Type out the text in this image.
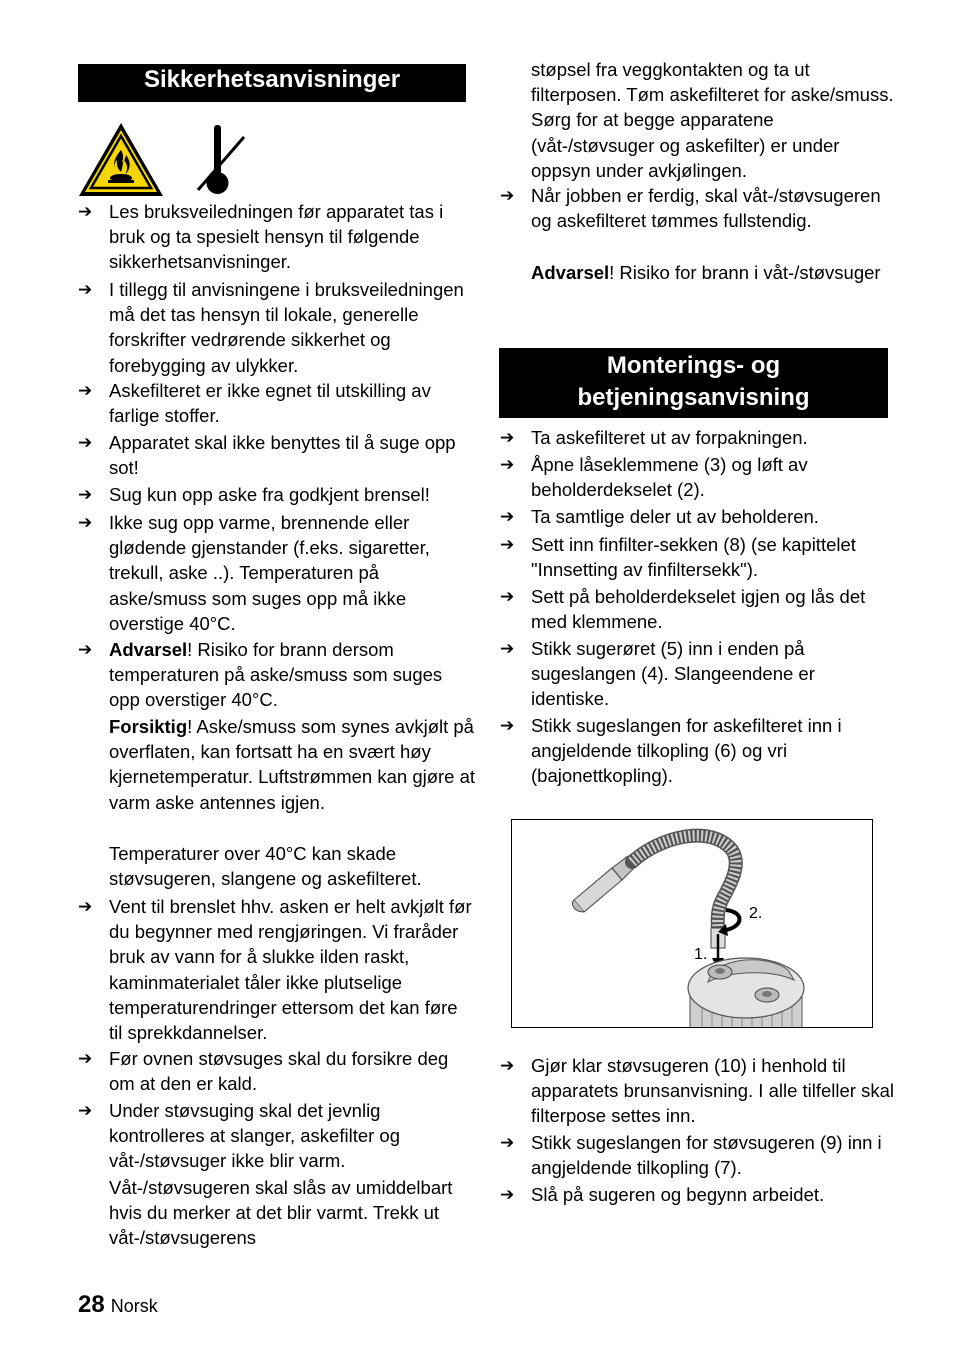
Sikkerhetsanvisninger
➔ Les bruksveiledningen før apparatet tas i bruk og ta spesielt hensyn til følgende sikkerhetsanvisninger.
➔ I tillegg til anvisningene i bruksveiledningen må det tas hensyn til lokale, generelle forskrifter vedrørende sikkerhet og forebygging av ulykker.
➔ Askefilteret er ikke egnet til utskilling av farlige stoffer.
➔ Apparatet skal ikke benyttes til å suge opp sot!
➔ Sug kun opp aske fra godkjent brensel!
➔ Ikke sug opp varme, brennende eller glødende gjenstander (f.eks. sigaretter, trekull, aske ..). Temperaturen på aske/smuss som suges opp må ikke overstige 40°C.
➔ Advarsel! Risiko for brann dersom temperaturen på aske/smuss som suges opp overstiger 40°C.
Forsiktig! Aske/smuss som synes avkjølt på overflaten, kan fortsatt ha en svært høy kjernetemperatur. Luftstrømmen kan gjøre at varm aske antennes igjen.
Temperaturer over 40°C kan skade støvsugeren, slangene og askefilteret.
➔ Vent til brenslet hhv. asken er helt avkjølt før du begynner med rengjøringen. Vi fraråder bruk av vann for å slukke ilden raskt, kaminmaterialet tåler ikke plutselige temperaturendringer ettersom det kan føre til sprekkdannelser.
➔ Før ovnen støvsuges skal du forsikre deg om at den er kald.
➔ Under støvsuging skal det jevnlig kontrolleres at slanger, askefilter og våt-/støvsuger ikke blir varm.
Våt-/støvsugeren skal slås av umiddelbart hvis du merker at det blir varmt. Trekk ut våt-/støvsugerens
støpsel fra veggkontakten og ta ut filterposen. Tøm askefilteret for aske/smuss. Sørg for at begge apparatene (våt-/støvsuger og askefilter) er under oppsyn under avkjølingen.
➔ Når jobben er ferdig, skal våt-/støvsugeren og askefilteret tømmes fullstendig.
Advarsel! Risiko for brann i våt-/støvsuger
Monterings- og
betjeningsanvisning
➔ Ta askefilteret ut av forpakningen.
➔ Åpne låseklemmene (3) og løft av beholderdekselet (2).
➔ Ta samtlige deler ut av beholderen.
➔ Sett inn finfilter-sekken (8) (se kapittelet "Innsetting av finfiltersekk").
➔ Sett på beholderdekselet igjen og lås det med klemmene.
➔ Stikk sugerøret (5) inn i enden på sugeslangen (4). Slangeendene er identiske.
➔ Stikk sugeslangen for askefilteret inn i angjeldende tilkopling (6) og vri (bajonettkopling).
2.
1.
➔ Gjør klar støvsugeren (10) i henhold til apparatets brunsanvisning. I alle tilfeller skal filterpose settes inn.
➔ Stikk sugeslangen for støvsugeren (9) inn i angjeldende tilkopling (7).
➔ Slå på sugeren og begynn arbeidet.
28 Norsk
